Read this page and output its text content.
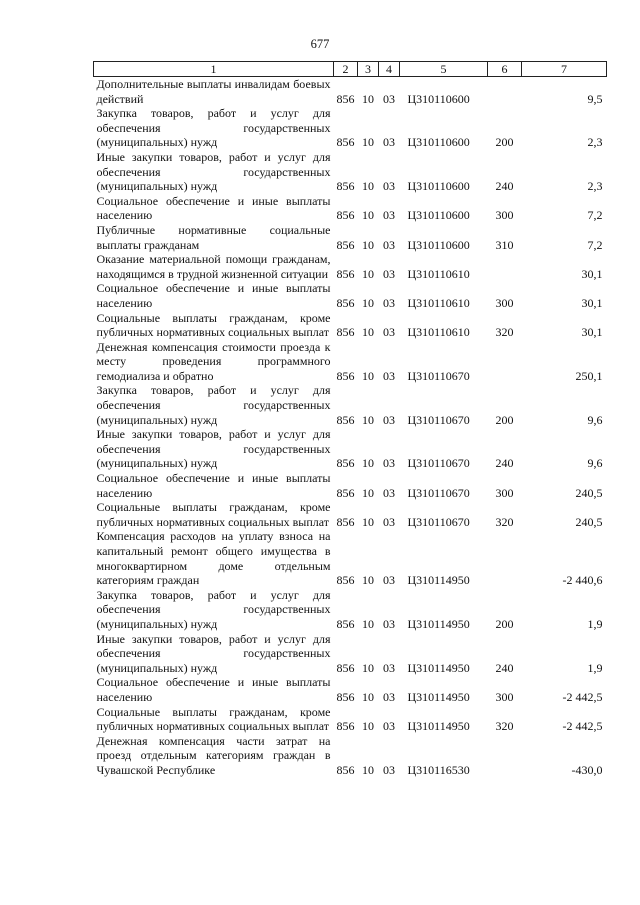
677
1	2	3	4	5	6	7
Дополнительные выплаты инвалидам боевых действий	856	10	03	Ц310110600		9,5
Закупка товаров, работ и услуг для обеспечения государственных (муниципальных) нужд	856	10	03	Ц310110600	200	2,3
Иные закупки товаров, работ и услуг для обеспечения государственных (муниципальных) нужд	856	10	03	Ц310110600	240	2,3
Социальное обеспечение и иные выплаты населению	856	10	03	Ц310110600	300	7,2
Публичные нормативные социальные выплаты гражданам	856	10	03	Ц310110600	310	7,2
Оказание материальной помощи гражданам, находящимся в трудной жизненной ситуации	856	10	03	Ц310110610		30,1
Социальное обеспечение и иные выплаты населению	856	10	03	Ц310110610	300	30,1
Социальные выплаты гражданам, кроме публичных нормативных социальных выплат	856	10	03	Ц310110610	320	30,1
Денежная компенсация стоимости проезда к месту проведения программного гемодиализа и обратно	856	10	03	Ц310110670		250,1
Закупка товаров, работ и услуг для обеспечения государственных (муниципальных) нужд	856	10	03	Ц310110670	200	9,6
Иные закупки товаров, работ и услуг для обеспечения государственных (муниципальных) нужд	856	10	03	Ц310110670	240	9,6
Социальное обеспечение и иные выплаты населению	856	10	03	Ц310110670	300	240,5
Социальные выплаты гражданам, кроме публичных нормативных социальных выплат	856	10	03	Ц310110670	320	240,5
Компенсация расходов на уплату взноса на капитальный ремонт общего имущества в многоквартирном доме отдельным категориям граждан	856	10	03	Ц310114950		-2 440,6
Закупка товаров, работ и услуг для обеспечения государственных (муниципальных) нужд	856	10	03	Ц310114950	200	1,9
Иные закупки товаров, работ и услуг для обеспечения государственных (муниципальных) нужд	856	10	03	Ц310114950	240	1,9
Социальное обеспечение и иные выплаты населению	856	10	03	Ц310114950	300	-2 442,5
Социальные выплаты гражданам, кроме публичных нормативных социальных выплат	856	10	03	Ц310114950	320	-2 442,5
Денежная компенсация части затрат на проезд отдельным категориям граждан в Чувашской Республике	856	10	03	Ц310116530		-430,0
